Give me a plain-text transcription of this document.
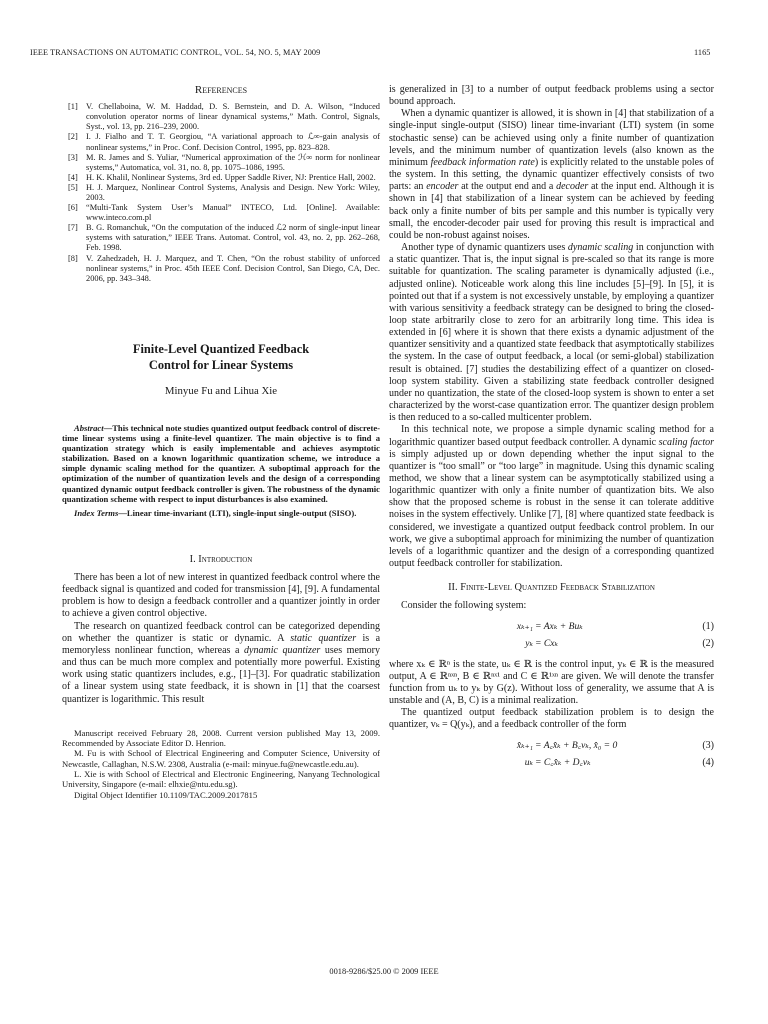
IEEE TRANSACTIONS ON AUTOMATIC CONTROL, VOL. 54, NO. 5, MAY 2009	1165
References
[1] V. Chellaboina, W. M. Haddad, D. S. Bernstein, and D. A. Wilson, “Induced convolution operator norms of linear dynamical systems,” Math. Control, Signals, Syst., vol. 13, pp. 216–239, 2000.
[2] I. J. Fialho and T. T. Georgiou, “A variational approach to ℒ∞-gain analysis of nonlinear systems,” in Proc. Conf. Decision Control, 1995, pp. 823–828.
[3] M. R. James and S. Yuliar, “Numerical approximation of the ℋ∞ norm for nonlinear systems,” Automatica, vol. 31, no. 8, pp. 1075–1086, 1995.
[4] H. K. Khalil, Nonlinear Systems, 3rd ed. Upper Saddle River, NJ: Prentice Hall, 2002.
[5] H. J. Marquez, Nonlinear Control Systems, Analysis and Design. New York: Wiley, 2003.
[6] “Multi-Tank System User’s Manual” INTECO, Ltd. [Online]. Available: www.inteco.com.pl
[7] B. G. Romanchuk, “On the computation of the induced ℒ2 norm of single-input linear systems with saturation,” IEEE Trans. Automat. Control, vol. 43, no. 2, pp. 262–268, Feb. 1998.
[8] V. Zahedzadeh, H. J. Marquez, and T. Chen, “On the robust stability of unforced nonlinear systems,” in Proc. 45th IEEE Conf. Decision Control, San Diego, CA, Dec. 2006, pp. 343–348.
Finite-Level Quantized Feedback
Control for Linear Systems
Minyue Fu and Lihua Xie

Abstract—This technical note studies quantized output feedback control of discrete-time linear systems using a finite-level quantizer. The main objective is to find a quantization strategy which is easily implementable and achieves asymptotic stabilization. Based on a known logarithmic quantization scheme, we introduce a simple dynamic scaling method for the quantizer. A suboptimal approach for the optimization of the number of quantization levels and the design of a corresponding quantized dynamic output feedback controller is given. The robustness of the dynamic quantization scheme with respect to input disturbances is also examined.

Index Terms—Linear time-invariant (LTI), single-input single-output (SISO).

I. Introduction

There has been a lot of new interest in quantized feedback control where the feedback signal is quantized and coded for transmission [4], [9]. A fundamental problem is how to design a feedback controller and a quantizer jointly in order to achieve a given control objective.

The research on quantized feedback control can be categorized depending on whether the quantizer is static or dynamic. A static quantizer is a memoryless nonlinear function, whereas a dynamic quantizer uses memory and thus can be much more complex and potentially more powerful. Existing work using static quantizers includes, e.g., [1]–[3]. For quadratic stabilization of a linear system using state feedback, it is shown in [1] that the coarsest quantizer is logarithmic. This result

Manuscript received February 28, 2008. Current version published May 13, 2009. Recommended by Associate Editor D. Henrion.

M. Fu is with School of Electrical Engineering and Computer Science, University of Newcastle, Callaghan, N.S.W. 2308, Australia (e-mail: minyue.fu@newcastle.edu.au).

L. Xie is with School of Electrical and Electronic Engineering, Nanyang Technological University, Singapore (e-mail: elhxie@ntu.edu.sg).

Digital Object Identifier 10.1109/TAC.2009.2017815

is generalized in [3] to a number of output feedback problems using a sector bound approach.

When a dynamic quantizer is allowed, it is shown in [4] that stabilization of a single-input single-output (SISO) linear time-invariant (LTI) system (in some stochastic sense) can be achieved using only a finite number of quantization levels, and the minimum number of quantization levels (also known as the minimum feedback information rate) is explicitly related to the unstable poles of the system. In this setting, the dynamic quantizer effectively consists of two parts: an encoder at the output end and a decoder at the input end. Although it is shown in [4] that stabilization of a linear system can be achieved by feeding back only a finite number of bits per sample and this number is typically very small, the encoder-decoder pair used for proving this result is impractical and could be non-robust against noises.

Another type of dynamic quantizers uses dynamic scaling in conjunction with a static quantizer. That is, the input signal is pre-scaled so that its range is more suitable for quantization. The scaling parameter is dynamically adjusted (i.e., adjusted online). Noticeable work along this line includes [5]–[9]. In [5], it is pointed out that if a system is not excessively unstable, by employing a quantizer with various sensitivity a feedback strategy can be designed to bring the closed-loop state arbitrarily close to zero for an arbitrarily long time. This idea is extended in [6] where it is shown that there exists a dynamic adjustment of the quantizer sensitivity and a quantized state feedback that asymptotically stabilizes the system. In the case of output feedback, a local (or semi-global) stabilization result is obtained. [7] studies the destabilizing effect of a quantizer on closed-loop system stability. Given a stabilizing state feedback controller designed under no quantization, the state of the closed-loop system is shown to enter a set characterized by the worst-case quantization error. The quantizer design problem is then reduced to a so-called multicenter problem.

In this technical note, we propose a simple dynamic scaling method for a logarithmic quantizer based output feedback controller. A dynamic scaling factor is simply adjusted up or down depending whether the input signal to the quantizer is “too small” or “too large” in magnitude. Using this dynamic scaling method, we show that a linear system can be asymptotically stabilized using a logarithmic quantizer with only a finite number of quantization bits. We also show that the proposed scheme is robust in the sense it can tolerate additive noises in the system effectively. Unlike [7], [8] where quantized state feedback is considered, we investigate a quantized output feedback control problem. In our work, we give a suboptimal approach for minimizing the number of quantization levels of a logarithmic quantizer and the design of a corresponding quantized output feedback controller for stabilization.

II. Finite-Level Quantized Feedback Stabilization

Consider the following system:

xₖ₊₁ = Axₖ + Buₖ	(1)
yₖ = Cxₖ	(2)

where xₖ ∈ ℝⁿ is the state, uₖ ∈ ℝ is the control input, yₖ ∈ ℝ is the measured output, A ∈ ℝⁿˣⁿ, B ∈ ℝⁿˣ¹ and C ∈ ℝ¹ˣⁿ are given. We will denote the transfer function from uₖ to yₖ by G(z). Without loss of generality, we assume that A is unstable and (A, B, C) is a minimal realization.

The quantized output feedback stabilization problem is to design the quantizer, vₖ = Q(yₖ), and a feedback controller of the form

x̂ₖ₊₁ = A꜀x̂ₖ + B꜀vₖ, x̂₀ = 0	(3)
uₖ = C꜀x̂ₖ + D꜀vₖ	(4)
0018-9286/$25.00 © 2009 IEEE
